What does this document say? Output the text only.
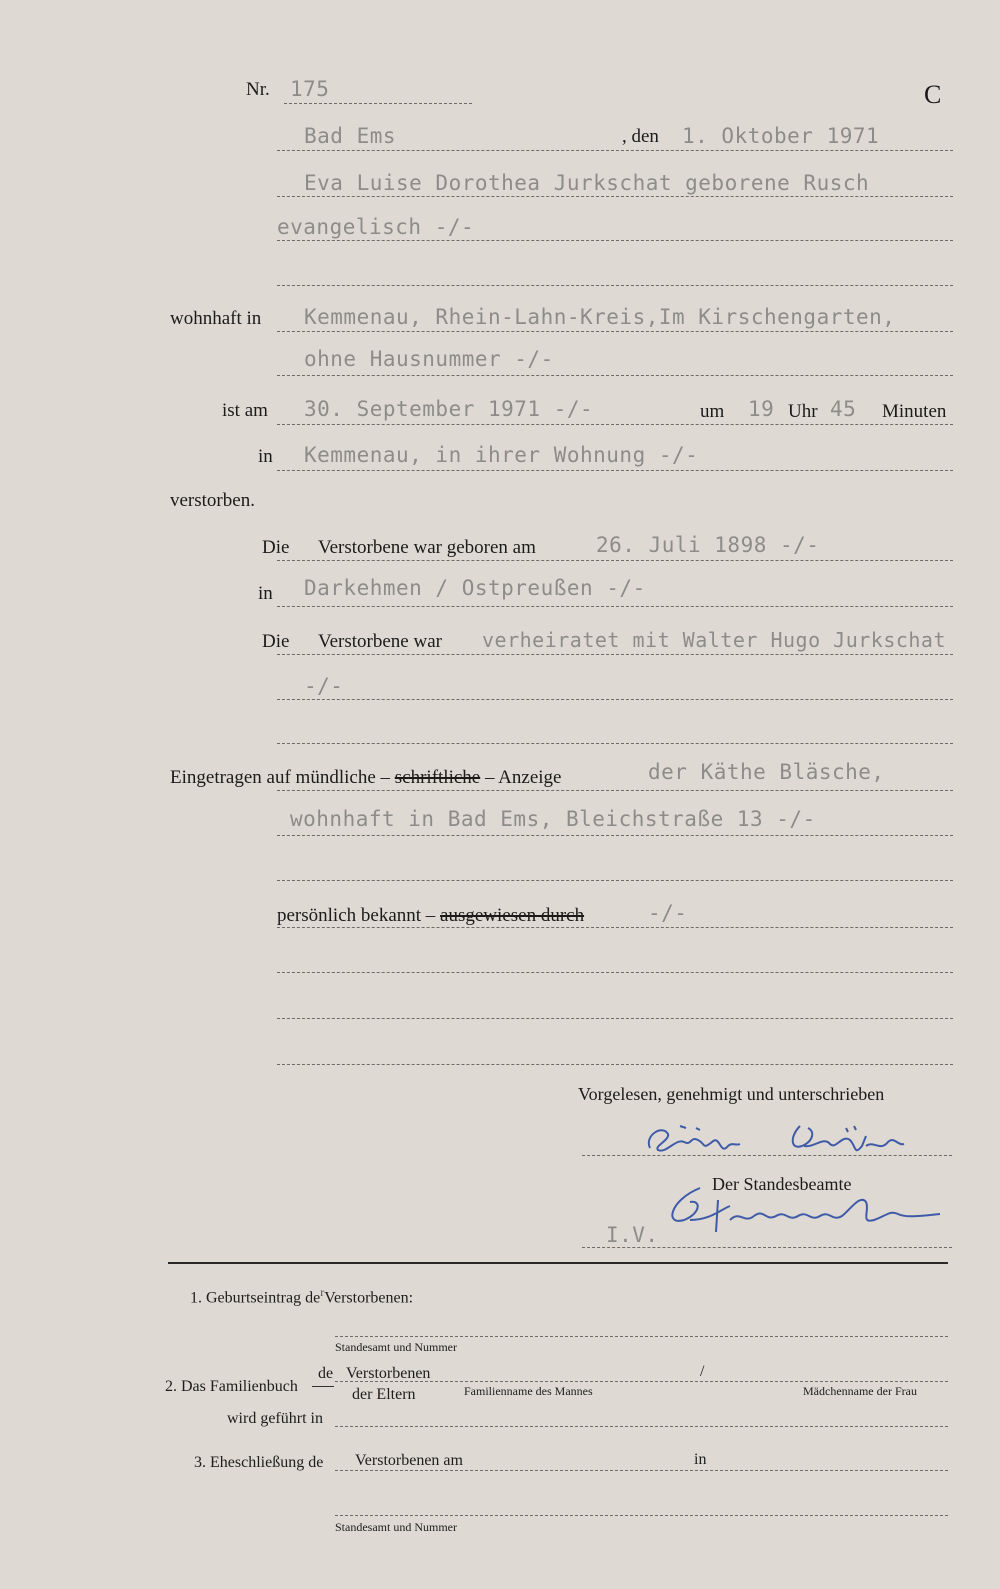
Nr. 175	C
Bad Ems	, den 1. Oktober 1971
Eva Luise Dorothea Jurkschat geborene Rusch
evangelisch -/-
wohnhaft in Kemmenau, Rhein-Lahn-Kreis,Im Kirschengarten,
ohne Hausnummer -/-
ist am 30. September 1971 -/-	um 19 Uhr 45 Minuten
in Kemmenau, in ihrer Wohnung -/-
verstorben.
Die Verstorbene war geboren am	26. Juli 1898 -/-
in Darkehmen / Ostpreußen -/-
Die Verstorbene war verheiratet mit Walter Hugo Jurkschat
-/-
Eingetragen auf mündliche – schriftliche – Anzeige	der Käthe Bläsche,
wohnhaft in Bad Ems, Bleichstraße 13 -/-
persönlich bekannt – ausgewiesen durch	-/-
Vorgelesen, genehmigt und unterschrieben
Der Standesbeamte
I.V.
1. Geburtseintrag $de^rVerstorbenen$:
Standesamt und Nummer
2. Das Familienbuch
de Verstorbenen
der Eltern
/
Familienname des Mannes	Mädchenname der Frau
wird geführt in
3. Eheschließung de Verstorbenen am	in
Standesamt und Nummer
